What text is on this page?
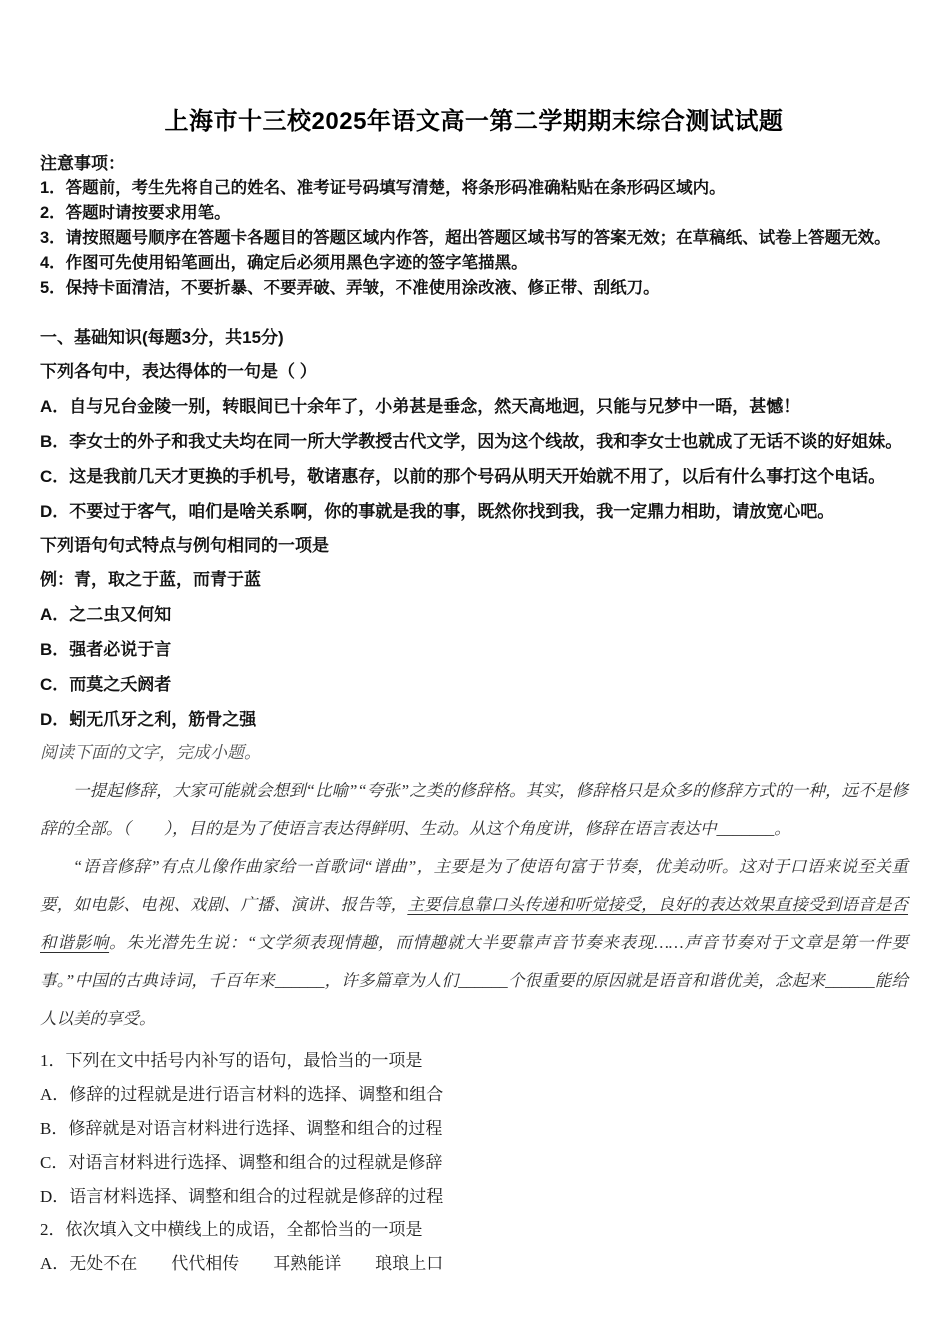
上海市十三校2025年语文高一第二学期期末综合测试试题
注意事项：
1．答题前，考生先将自己的姓名、准考证号码填写清楚，将条形码准确粘贴在条形码区域内。
2．答题时请按要求用笔。
3．请按照题号顺序在答题卡各题目的答题区域内作答，超出答题区域书写的答案无效；在草稿纸、试卷上答题无效。
4．作图可先使用铅笔画出，确定后必须用黑色字迹的签字笔描黑。
5．保持卡面清洁，不要折暴、不要弄破、弄皱，不准使用涂改液、修正带、刮纸刀。
一、基础知识(每题3分，共15分)
下列各句中，表达得体的一句是（ ）
A．自与兄台金陵一别，转眼间已十余年了，小弟甚是垂念，然天高地迥，只能与兄梦中一晤，甚憾！
B．李女士的外子和我丈夫均在同一所大学教授古代文学，因为这个线故，我和李女士也就成了无话不谈的好姐妹。
C．这是我前几天才更换的手机号，敬诸惠存，以前的那个号码从明天开始就不用了，以后有什么事打这个电话。
D．不要过于客气，咱们是啥关系啊，你的事就是我的事，既然你找到我，我一定鼎力相助，请放宽心吧。
下列语句句式特点与例句相同的一项是
例：青，取之于蓝，而青于蓝
A．之二虫又何知
B．强者必说于言
C．而莫之夭阏者
D．蚓无爪牙之利，筋骨之强
阅读下面的文字，完成小题。

一提起修辞，大家可能就会想到“比喻”“夸张”之类的修辞格。其实，修辞格只是众多的修辞方式的一种，远不是修辞的全部。（　　），目的是为了使语言表达得鲜明、生动。从这个角度讲，修辞在语言表达中_______。

“语音修辞”有点儿像作曲家给一首歌词“谱曲”，主要是为了使语句富于节奏，优美动听。这对于口语来说至关重要，如电影、电视、戏剧、广播、演讲、报告等，主要信息靠口头传递和听觉接受，良好的表达效果直接受到语音是否和谐影响。朱光潜先生说：“文学须表现情趣，而情趣就大半要靠声音节奏来表现……声音节奏对于文章是第一件要事。”中国的古典诗词，千百年来______，许多篇章为人们______个很重要的原因就是语音和谐优美，念起来______能给人以美的享受。

1．下列在文中括号内补写的语句，最恰当的一项是
A．修辞的过程就是进行语言材料的选择、调整和组合
B．修辞就是对语言材料进行选择、调整和组合的过程
C．对语言材料进行选择、调整和组合的过程就是修辞
D．语言材料选择、调整和组合的过程就是修辞的过程
2．依次填入文中横线上的成语，全都恰当的一项是
A．无处不在　　代代相传　　耳熟能详　　琅琅上口
